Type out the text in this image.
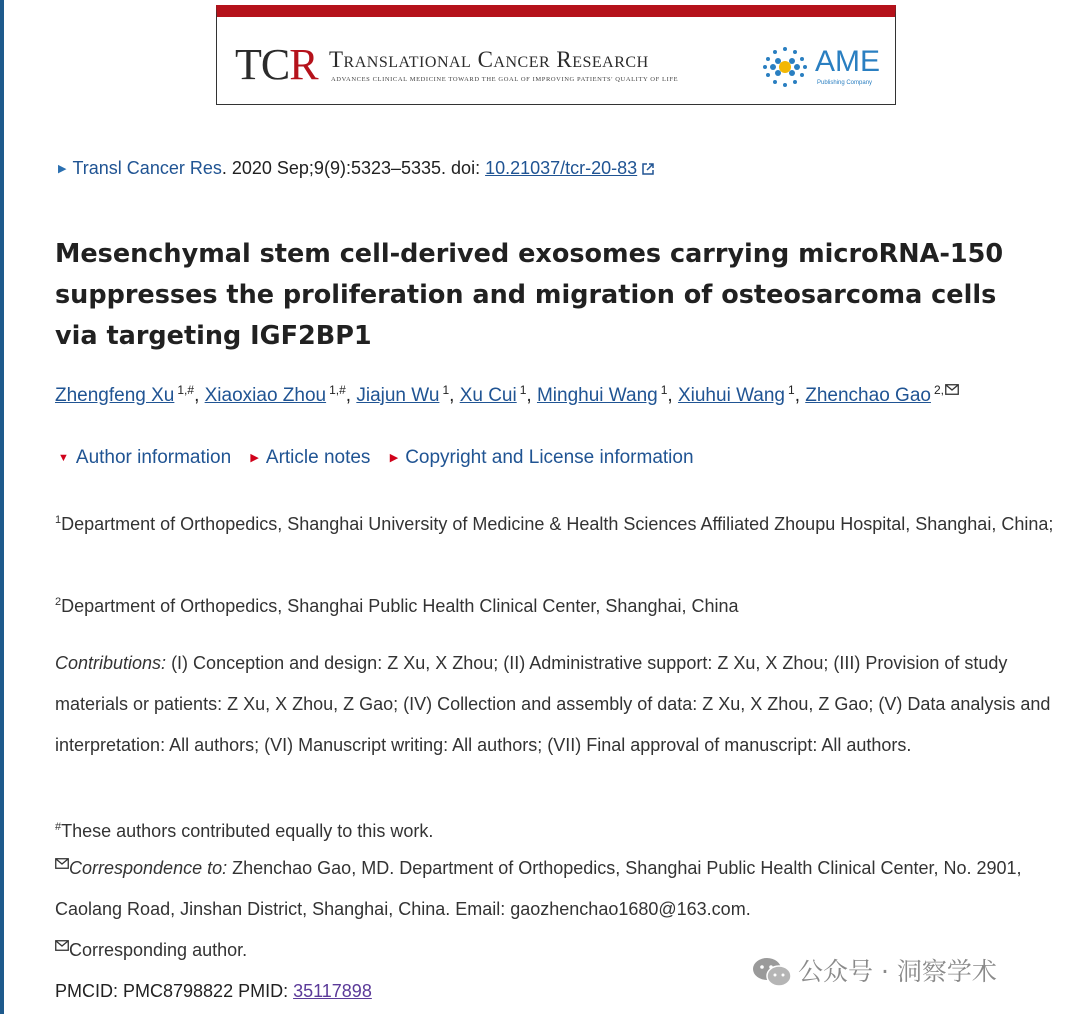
TCR Translational Cancer Research
ADVANCES CLINICAL MEDICINE TOWARD THE GOAL OF IMPROVING PATIENTS' QUALITY OF LIFE
AME
Publishing Company
▶ Transl Cancer Res. 2020 Sep;9(9):5323–5335. doi: 10.21037/tcr-20-83
Mesenchymal stem cell-derived exosomes carrying microRNA-150 suppresses the proliferation and migration of osteosarcoma cells via targeting IGF2BP1
Zhengfeng Xu $^{1,\#}$, Xiaoxiao Zhou $^{1,\#}$, Jiajun Wu $^1$, Xu Cui $^1$, Minghui Wang $^1$, Xiuhui Wang $^1$, Zhenchao Gao $^{2,}$
▼ Author information ▶ Article notes ▶ Copyright and License information

$^1$Department of Orthopedics, Shanghai University of Medicine & Health Sciences Affiliated Zhoupu Hospital, Shanghai, China;

$^2$Department of Orthopedics, Shanghai Public Health Clinical Center, Shanghai, China

Contributions: (I) Conception and design: Z Xu, X Zhou; (II) Administrative support: Z Xu, X Zhou; (III) Provision of study materials or patients: Z Xu, X Zhou, Z Gao; (IV) Collection and assembly of data: Z Xu, X Zhou, Z Gao; (V) Data analysis and interpretation: All authors; (VI) Manuscript writing: All authors; (VII) Final approval of manuscript: All authors.

#These authors contributed equally to this work.

Correspondence to: Zhenchao Gao, MD. Department of Orthopedics, Shanghai Public Health Clinical Center, No. 2901, Caolang Road, Jinshan District, Shanghai, China. Email: gaozhenchao1680@163.com.

Corresponding author.

PMCID: PMC8798822 PMID: 35117898

公众号 · 洞察学术
